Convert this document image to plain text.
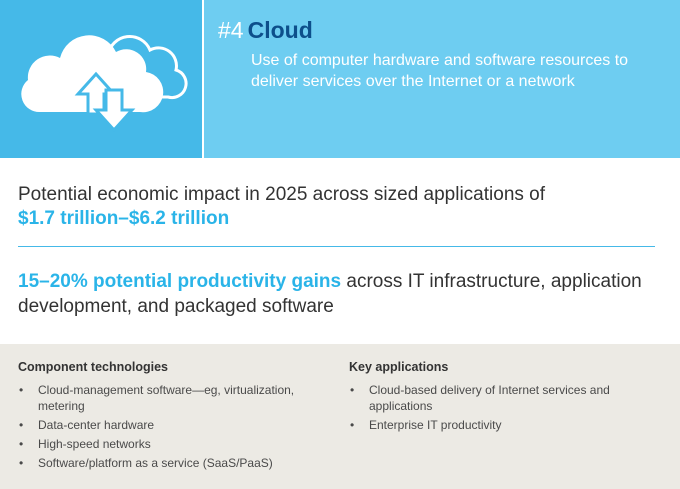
#4 Cloud
Use of computer hardware and software resources to deliver services over the Internet or a network
Potential economic impact in 2025 across sized applications of
$1.7 trillion–$6.2 trillion
15–20% potential productivity gains across IT infrastructure, application development, and packaged software

Component technologies

• Cloud-management software—eg, virtualization, metering
• Data-center hardware
• High-speed networks
• Software/platform as a service (SaaS/PaaS)

Key applications

• Cloud-based delivery of Internet services and applications
• Enterprise IT productivity
